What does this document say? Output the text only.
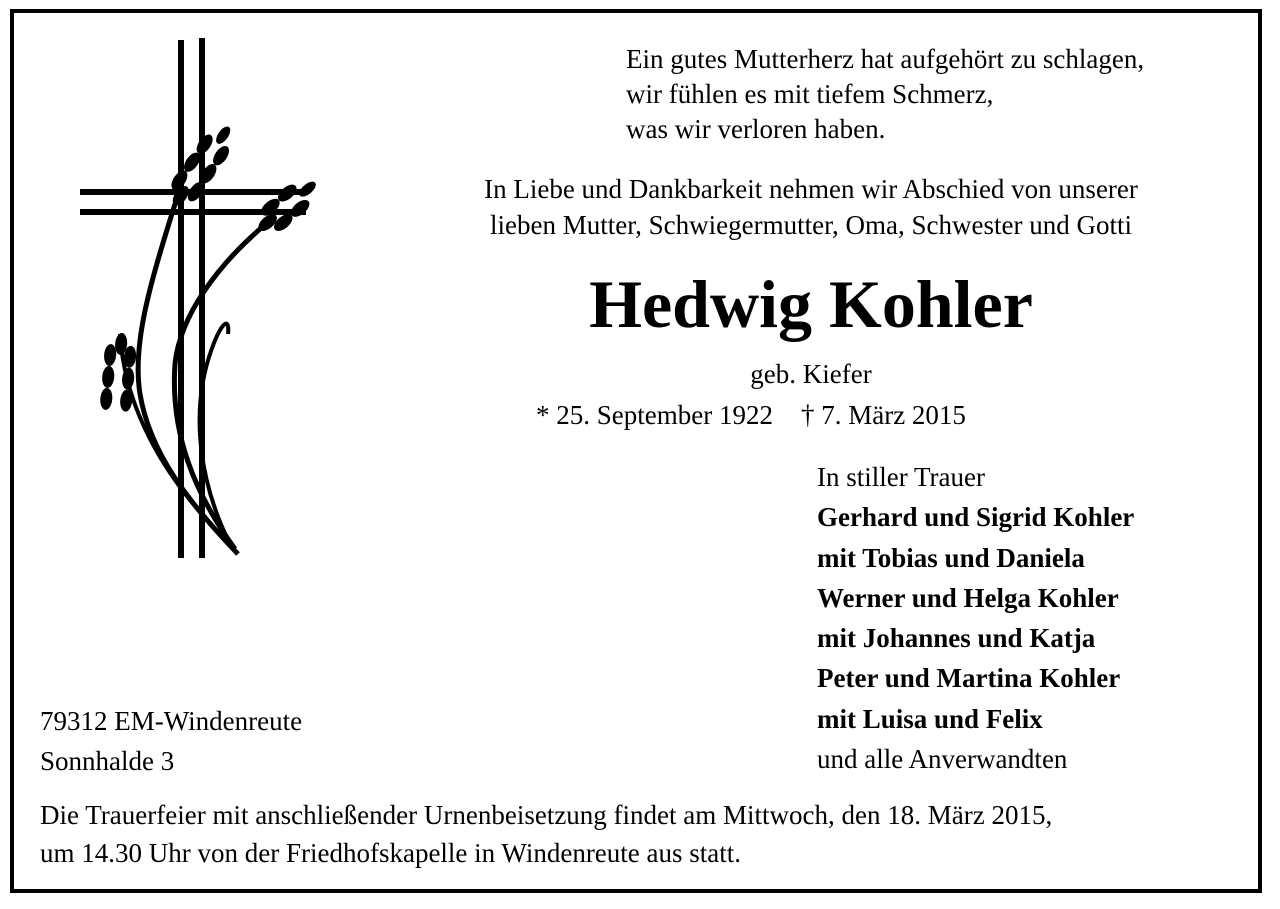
Ein gutes Mutterherz hat aufgehört zu schlagen,
wir fühlen es mit tiefem Schmerz,
was wir verloren haben.
In Liebe und Dankbarkeit nehmen wir Abschied von unserer
lieben Mutter, Schwiegermutter, Oma, Schwester und Gotti
Hedwig Kohler
geb. Kiefer
* 25. September 1922 † 7. März 2015
In stiller Trauer
Gerhard und Sigrid Kohler
mit Tobias und Daniela
Werner und Helga Kohler
mit Johannes und Katja
Peter und Martina Kohler
mit Luisa und Felix
und alle Anverwandten
79312 EM-Windenreute
Sonnhalde 3
Die Trauerfeier mit anschließender Urnenbeisetzung findet am Mittwoch, den 18. März 2015,
um 14.30 Uhr von der Friedhofskapelle in Windenreute aus statt.
